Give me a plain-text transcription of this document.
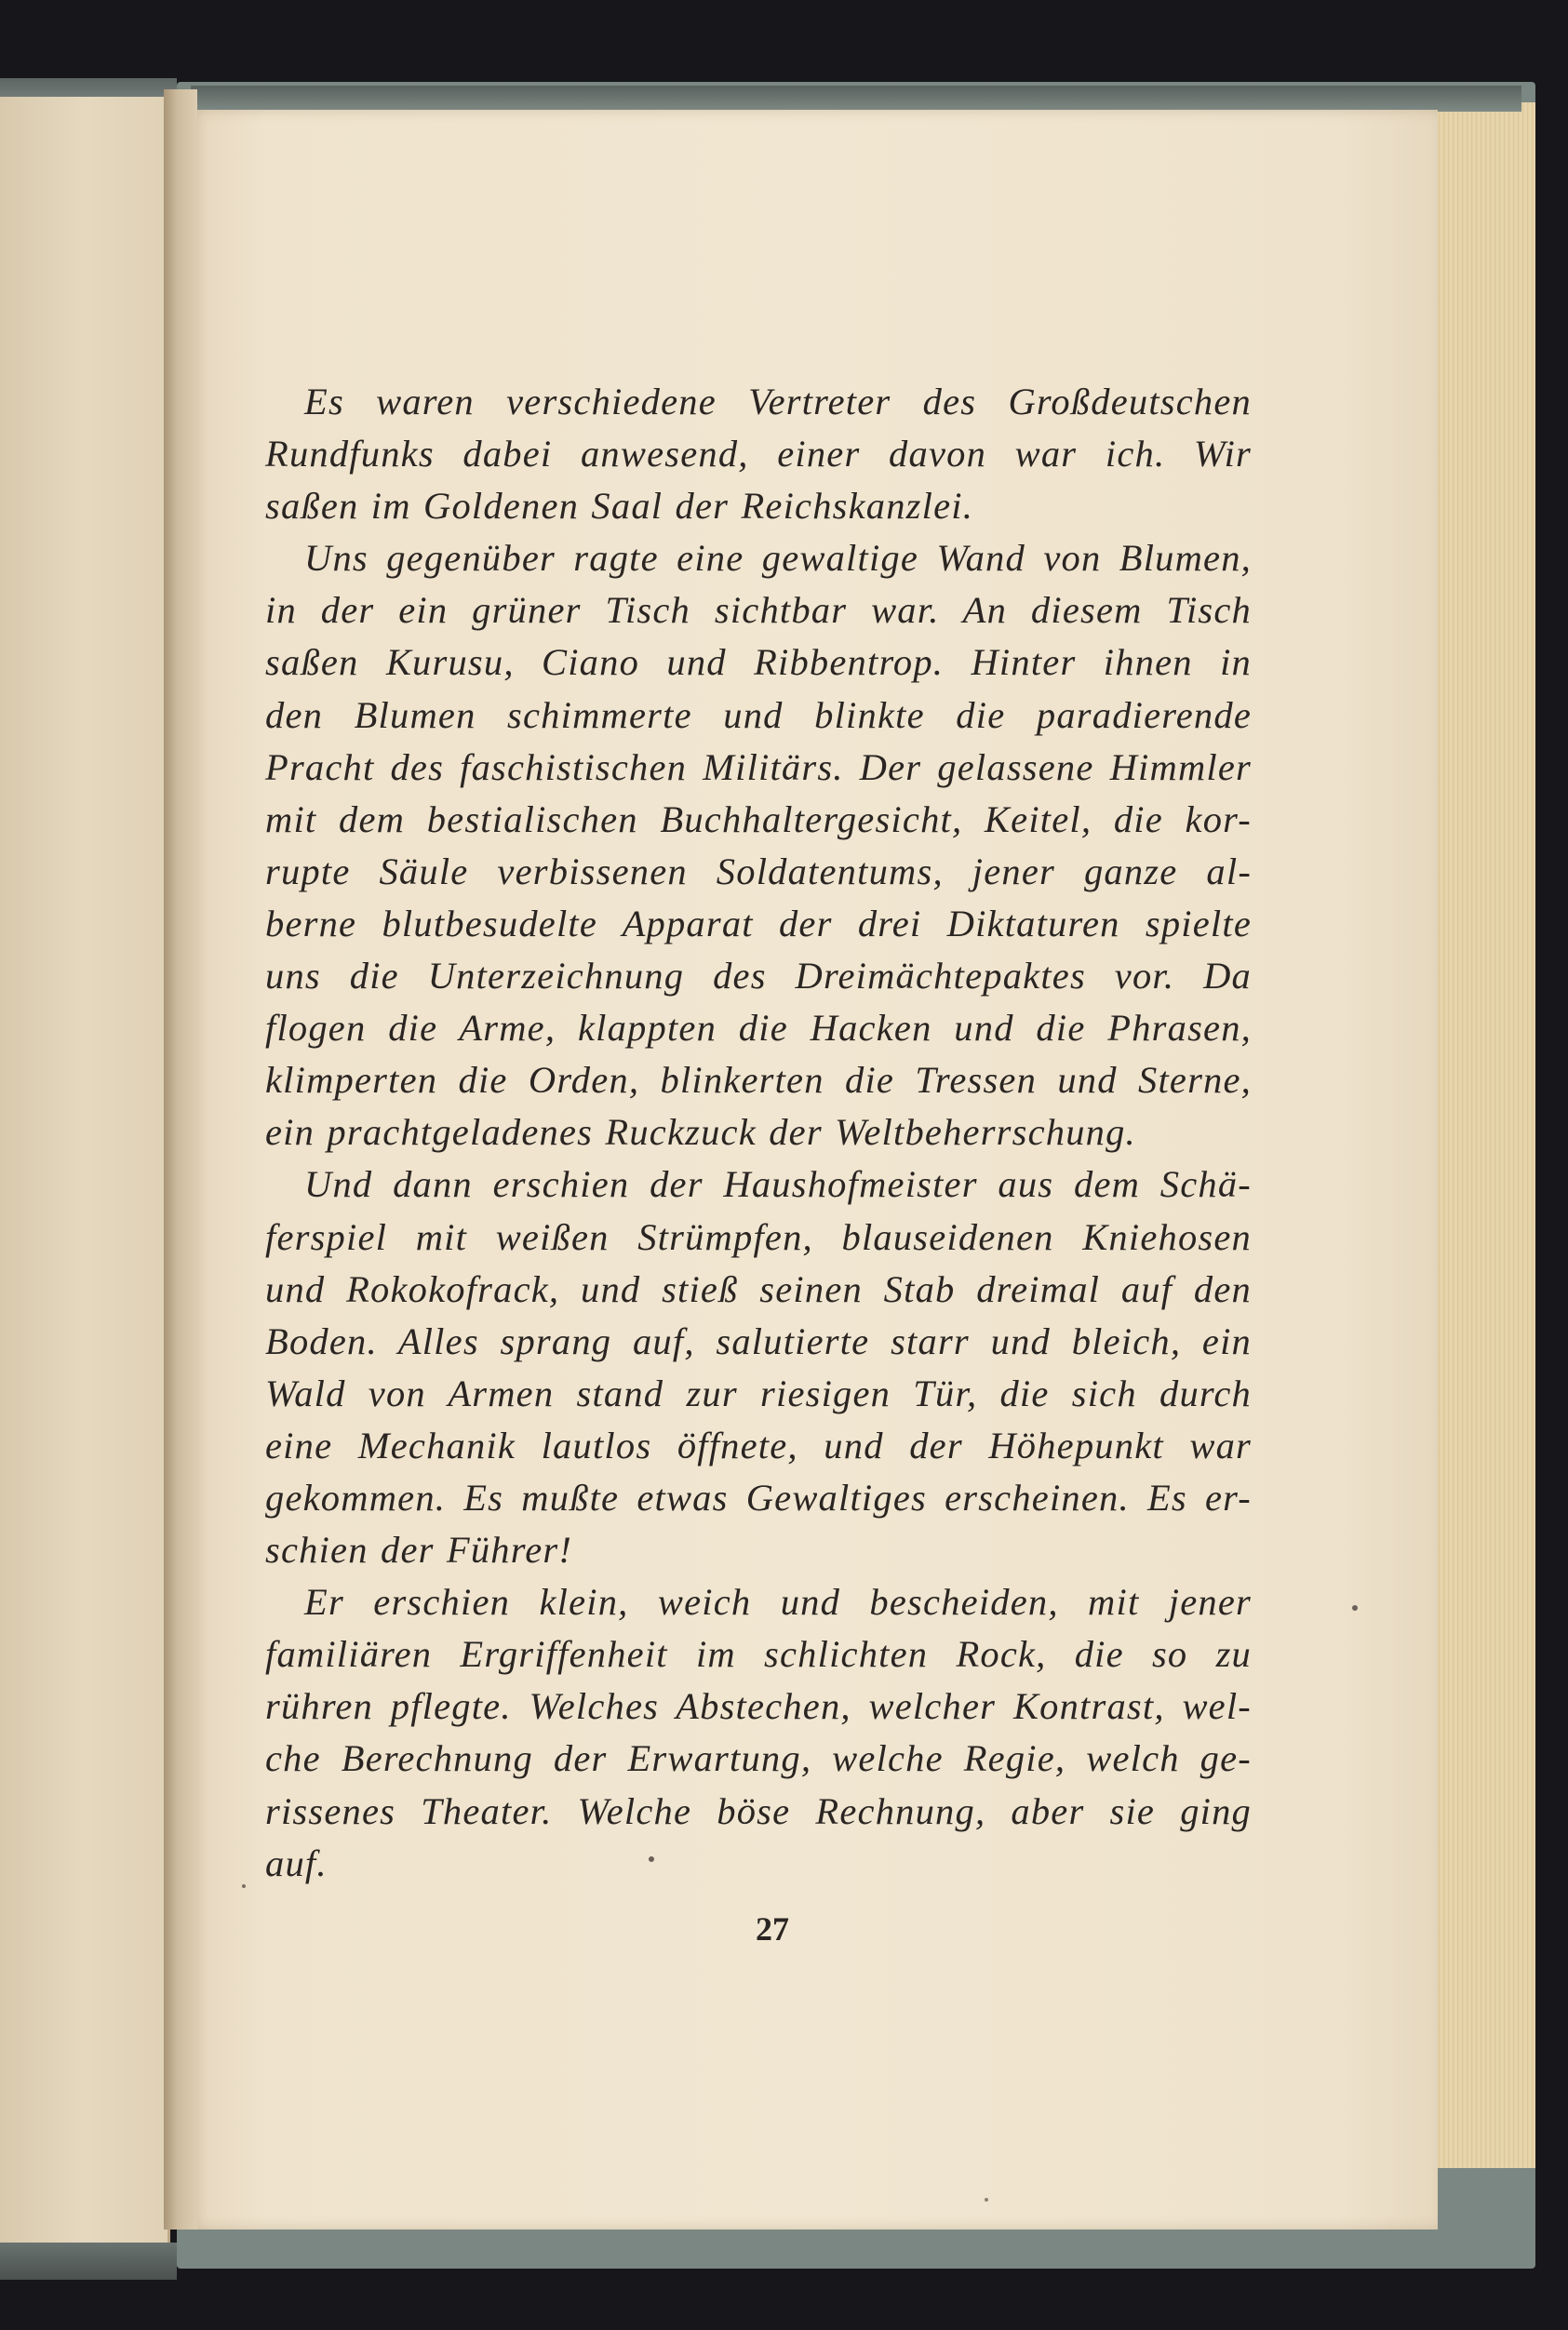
Es waren verschiedene Vertreter des Großdeutschen
Rundfunks dabei anwesend, einer davon war ich. Wir
saßen im Goldenen Saal der Reichskanzlei.
Uns gegenüber ragte eine gewaltige Wand von Blumen,
in der ein grüner Tisch sichtbar war. An diesem Tisch
saßen Kurusu, Ciano und Ribbentrop. Hinter ihnen in
den Blumen schimmerte und blinkte die paradierende
Pracht des faschistischen Militärs. Der gelassene Himmler
mit dem bestialischen Buchhaltergesicht, Keitel, die kor-
rupte Säule verbissenen Soldatentums, jener ganze al-
berne blutbesudelte Apparat der drei Diktaturen spielte
uns die Unterzeichnung des Dreimächtepaktes vor. Da
flogen die Arme, klappten die Hacken und die Phrasen,
klimperten die Orden, blinkerten die Tressen und Sterne,
ein prachtgeladenes Ruckzuck der Weltbeherrschung.
Und dann erschien der Haushofmeister aus dem Schä-
ferspiel mit weißen Strümpfen, blauseidenen Kniehosen
und Rokokofrack, und stieß seinen Stab dreimal auf den
Boden. Alles sprang auf, salutierte starr und bleich, ein
Wald von Armen stand zur riesigen Tür, die sich durch
eine Mechanik lautlos öffnete, und der Höhepunkt war
gekommen. Es mußte etwas Gewaltiges erscheinen. Es er-
schien der Führer!
Er erschien klein, weich und bescheiden, mit jener
familiären Ergriffenheit im schlichten Rock, die so zu
rühren pflegte. Welches Abstechen, welcher Kontrast, wel-
che Berechnung der Erwartung, welche Regie, welch ge-
rissenes Theater. Welche böse Rechnung, aber sie ging
auf.
27
